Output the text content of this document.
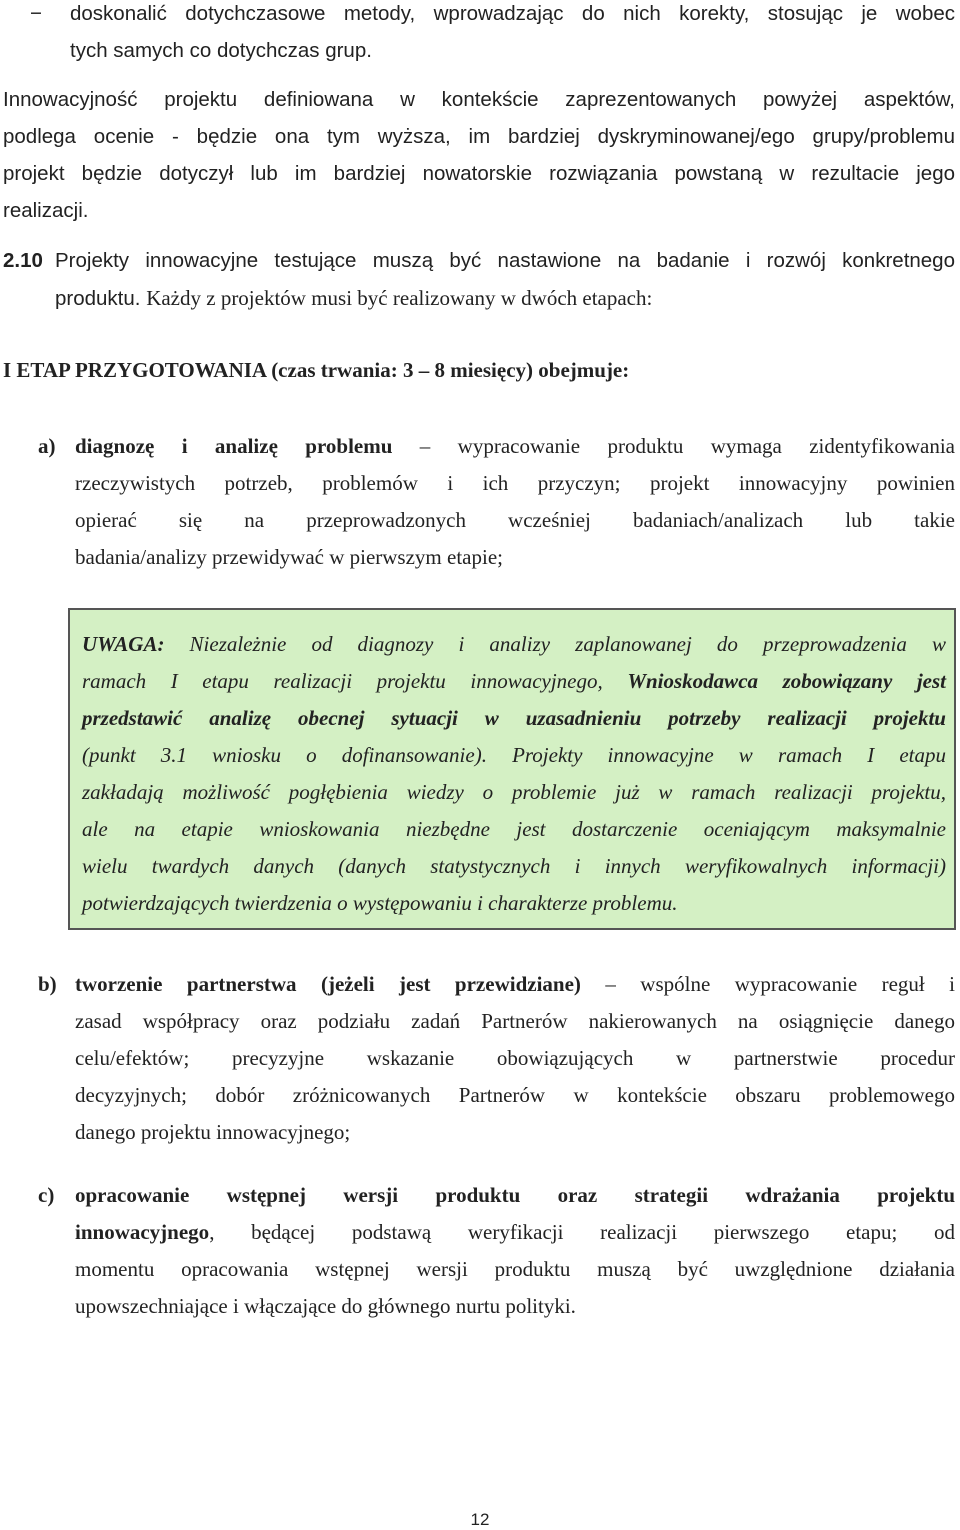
− doskonalić dotychczasowe metody, wprowadzając do nich korekty, stosując je wobec
tych samych co dotychczas grup.
Innowacyjność projektu definiowana w kontekście zaprezentowanych powyżej aspektów,
podlega ocenie - będzie ona tym wyższa, im bardziej dyskryminowanej/ego grupy/problemu
projekt będzie dotyczył lub im bardziej nowatorskie rozwiązania powstaną w rezultacie jego
realizacji.
2.10 Projekty innowacyjne testujące muszą być nastawione na badanie i rozwój konkretnego
produktu. Każdy z projektów musi być realizowany w dwóch etapach:
I ETAP PRZYGOTOWANIA (czas trwania: 3 – 8 miesięcy) obejmuje:
a) diagnozę i analizę problemu – wypracowanie produktu wymaga zidentyfikowania
rzeczywistych potrzeb, problemów i ich przyczyn; projekt innowacyjny powinien
opierać się na przeprowadzonych wcześniej badaniach/analizach lub takie
badania/analizy przewidywać w pierwszym etapie;
UWAGA: Niezależnie od diagnozy i analizy zaplanowanej do przeprowadzenia w
ramach I etapu realizacji projektu innowacyjnego, Wnioskodawca zobowiązany jest
przedstawić analizę obecnej sytuacji w uzasadnieniu potrzeby realizacji projektu
(punkt 3.1 wniosku o dofinansowanie). Projekty innowacyjne w ramach I etapu
zakładają możliwość pogłębienia wiedzy o problemie już w ramach realizacji projektu,
ale na etapie wnioskowania niezbędne jest dostarczenie oceniającym maksymalnie
wielu twardych danych (danych statystycznych i innych weryfikowalnych informacji)
potwierdzających twierdzenia o występowaniu i charakterze problemu.
b) tworzenie partnerstwa (jeżeli jest przewidziane) – wspólne wypracowanie reguł i
zasad współpracy oraz podziału zadań Partnerów nakierowanych na osiągnięcie danego
celu/efektów; precyzyjne wskazanie obowiązujących w partnerstwie procedur
decyzyjnych; dobór zróżnicowanych Partnerów w kontekście obszaru problemowego
danego projektu innowacyjnego;
c) opracowanie wstępnej wersji produktu oraz strategii wdrażania projektu
innowacyjnego, będącej podstawą weryfikacji realizacji pierwszego etapu; od
momentu opracowania wstępnej wersji produktu muszą być uwzględnione działania
upowszechniające i włączające do głównego nurtu polityki.
12
